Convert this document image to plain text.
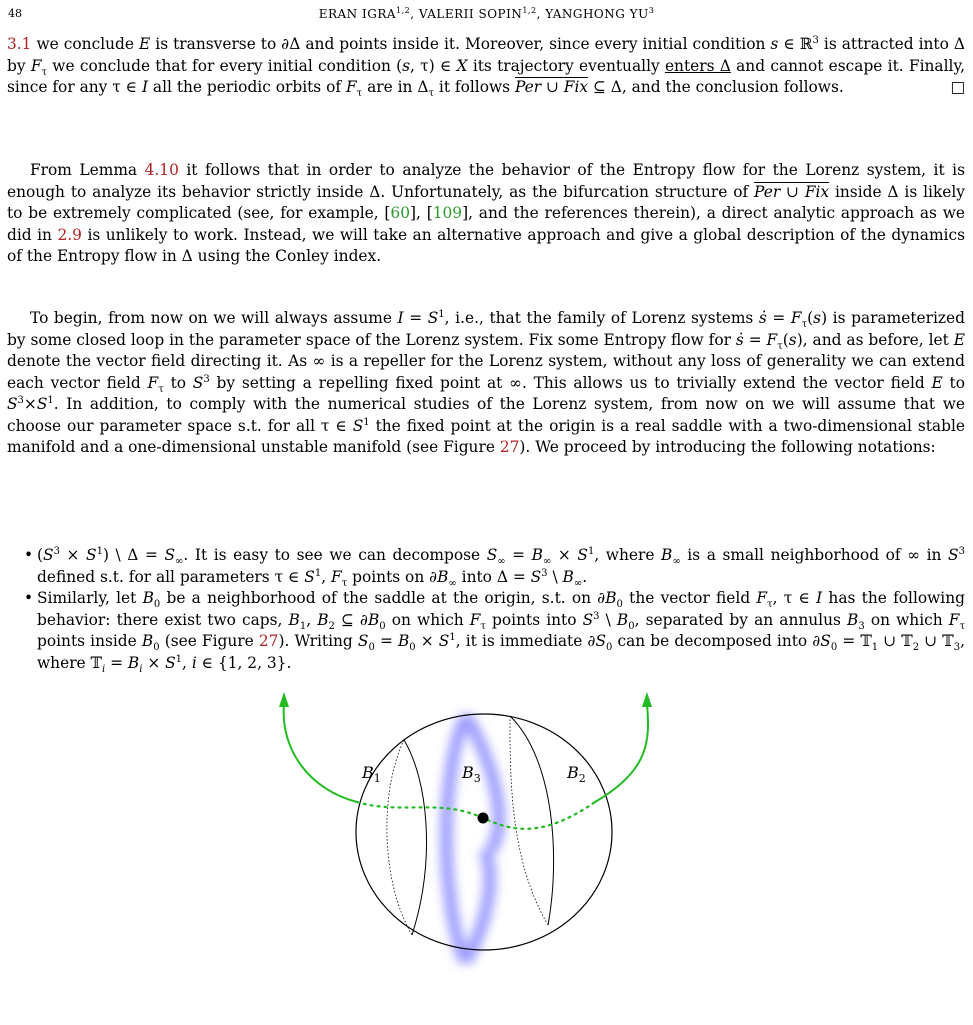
48	ERAN IGRA$^{1,2}$, VALERII SOPIN$^{1,2}$, YANGHONG $YU^3$
3.1 we conclude E is transverse to ∂Δ and points inside it. Moreover, since every initial condition s ∈ ℝ$^3$ is attracted into Δ by $F_\tau$ we conclude that for every initial condition (s, τ) ∈ X its trajectory eventually enters Δ and cannot escape it. Finally, since for any τ ∈ I all the periodic orbits of $F_\tau$ are in $\Delta_\tau$ it follows Per ∪ Fix ⊆ Δ, and the conclusion follows.	□
From Lemma 4.10 it follows that in order to analyze the behavior of the Entropy flow for the Lorenz system, it is enough to analyze its behavior strictly inside Δ. Unfortunately, as the bifurcation structure of Per ∪ Fix inside Δ is likely to be extremely complicated (see, for example, [60], [109], and the references therein), a direct analytic approach as we did in 2.9 is unlikely to work. Instead, we will take an alternative approach and give a global description of the dynamics of the Entropy flow in Δ using the Conley index.
To begin, from now on we will always assume $I = S^1$, i.e., that the family of Lorenz systems ṡ = $F_\tau(s)$ is parameterized by some closed loop in the parameter space of the Lorenz system. Fix some Entropy flow for ṡ = $F_\tau(s)$, and as before, let E denote the vector field directing it. As ∞ is a repeller for the Lorenz system, without any loss of generality we can extend each vector field $F_\tau$ to $S^3$ by setting a repelling fixed point at ∞. This allows us to trivially extend the vector field E to $S^3\times S^1$. In addition, to comply with the numerical studies of the Lorenz system, from now on we will assume that we choose our parameter space s.t. for all τ ∈ $S^1$ the fixed point at the origin is a real saddle with a two-dimensional stable manifold and a one-dimensional unstable manifold (see Figure 27). We proceed by introducing the following notations:
• $(S^3 \times S^1)$ \ $\Delta = S_\infty$. It is easy to see we can decompose $S_\infty = B_\infty \times S^1$, where $B_\infty$ is a small neighborhood of ∞ in $S^3$ defined s.t. for all parameters τ ∈ $S^1$, $F_\tau$ points on $\partial B_\infty$ into $\Delta = S^3$ \ $B_\infty$.
• Similarly, let $B_0$ be a neighborhood of the saddle at the origin, s.t. on $\partial B_0$ the vector field $F_\tau$, τ ∈ I has the following behavior: there exist two caps, $B_1$, $B_2$ ⊆ $\partial B_0$ on which $F_\tau$ points into $S^3$ \ $B_0$, separated by an annulus $B_3$ on which $F_\tau$ points inside $B_0$ (see Figure 27). Writing $S_0 = B_0 \times S^1$, it is immediate $\partial S_0$ can be decomposed into $\partial S_0$ = 𝕋$_1$ ∪ 𝕋$_2$ ∪ 𝕋$_3$, where 𝕋$_i$ = $B_i \times S^1$, i ∈ {1, 2, 3}.
$B_1$	$B_3$	$B_2$
